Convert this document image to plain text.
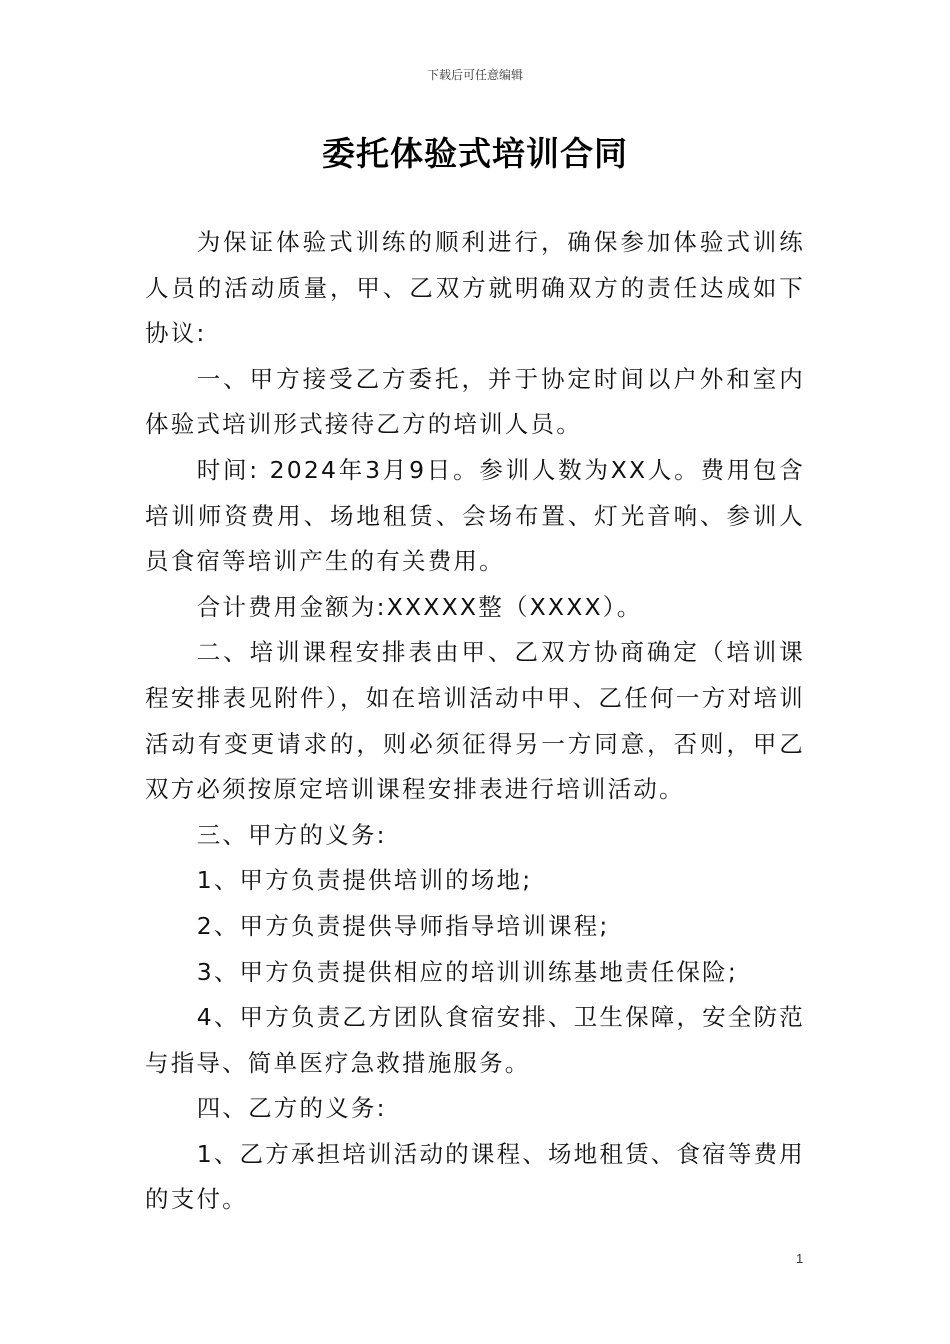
下载后可任意编辑
委托体验式培训合同

为保证体验式训练的顺利进行，确保参加体验式训练人员的活动质量，甲、乙双方就明确双方的责任达成如下协议:

一、甲方接受乙方委托，并于协定时间以户外和室内体验式培训形式接待乙方的培训人员。

时间: 2024年3月9日。参训人数为XX人。费用包含培训师资费用、场地租赁、会场布置、灯光音响、参训人员食宿等培训产生的有关费用。

合计费用金额为:XXXXX整（XXXX）。

二、培训课程安排表由甲、乙双方协商确定（培训课程安排表见附件），如在培训活动中甲、乙任何一方对培训活动有变更请求的，则必须征得另一方同意，否则，甲乙双方必须按原定培训课程安排表进行培训活动。

三、甲方的义务:

1、甲方负责提供培训的场地;

2、甲方负责提供导师指导培训课程;

3、甲方负责提供相应的培训训练基地责任保险;

4、甲方负责乙方团队食宿安排、卫生保障，安全防范与指导、简单医疗急救措施服务。

四、乙方的义务:

1、乙方承担培训活动的课程、场地租赁、食宿等费用的支付。

1
